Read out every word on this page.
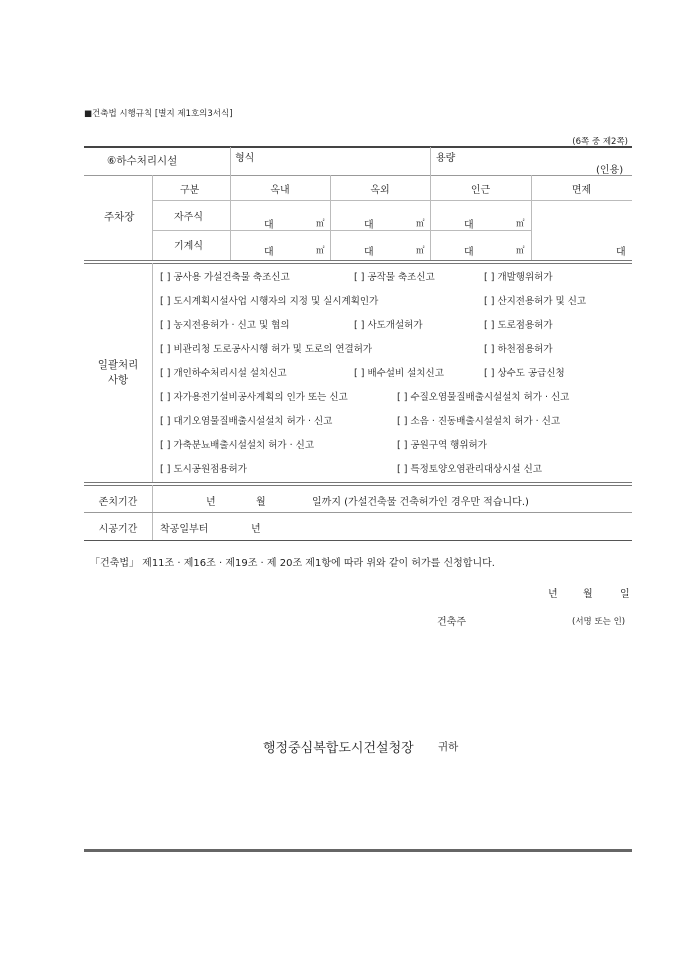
■건축법 시행규칙 [별지 제1호의3서식]
(6쪽 중 제2쪽)
⑥하수처리시설	형식	용량
(인용)
주차장
구분	옥내	옥외	인근	면제
자주식
대	㎡	대	㎡	대	㎡
기계식
대	㎡	대	㎡	대	㎡	대
일괄처리
사항
[ ] 공사용 가설건축물 축조신고	[ ] 공작물 축조신고	[ ] 개발행위허가
[ ] 도시계획시설사업 시행자의 지정 및 실시계획인가	[ ] 산지전용허가 및 신고
[ ] 농지전용허가 · 신고 및 협의	[ ] 사도개설허가	[ ] 도로점용허가
[ ] 비관리청 도로공사시행 허가 및 도로의 연결허가	[ ] 하천점용허가
[ ] 개인하수처리시설 설치신고	[ ] 배수설비 설치신고	[ ] 상수도 공급신청
[ ] 자가용전기설비공사계획의 인가 또는 신고	[ ] 수질오염물질배출시설설치 허가 · 신고
[ ] 대기오염물질배출시설설치 허가 · 신고	[ ] 소음 · 진동배출시설설치 허가 · 신고
[ ] 가축분뇨배출시설설치 허가 · 신고	[ ] 공원구역 행위허가
[ ] 도시공원점용허가	[ ] 특정토양오염관리대상시설 신고
존치기간	년	월	일까지 (가설건축물 건축허가인 경우만 적습니다.)
시공기간	착공일부터	년
「건축법」 제11조 · 제16조 · 제19조 · 제 20조 제1항에 따라 위와 같이 허가를 신청합니다.
년	월	일
건축주	(서명 또는 인)
행정중심복합도시건설청장 귀하
